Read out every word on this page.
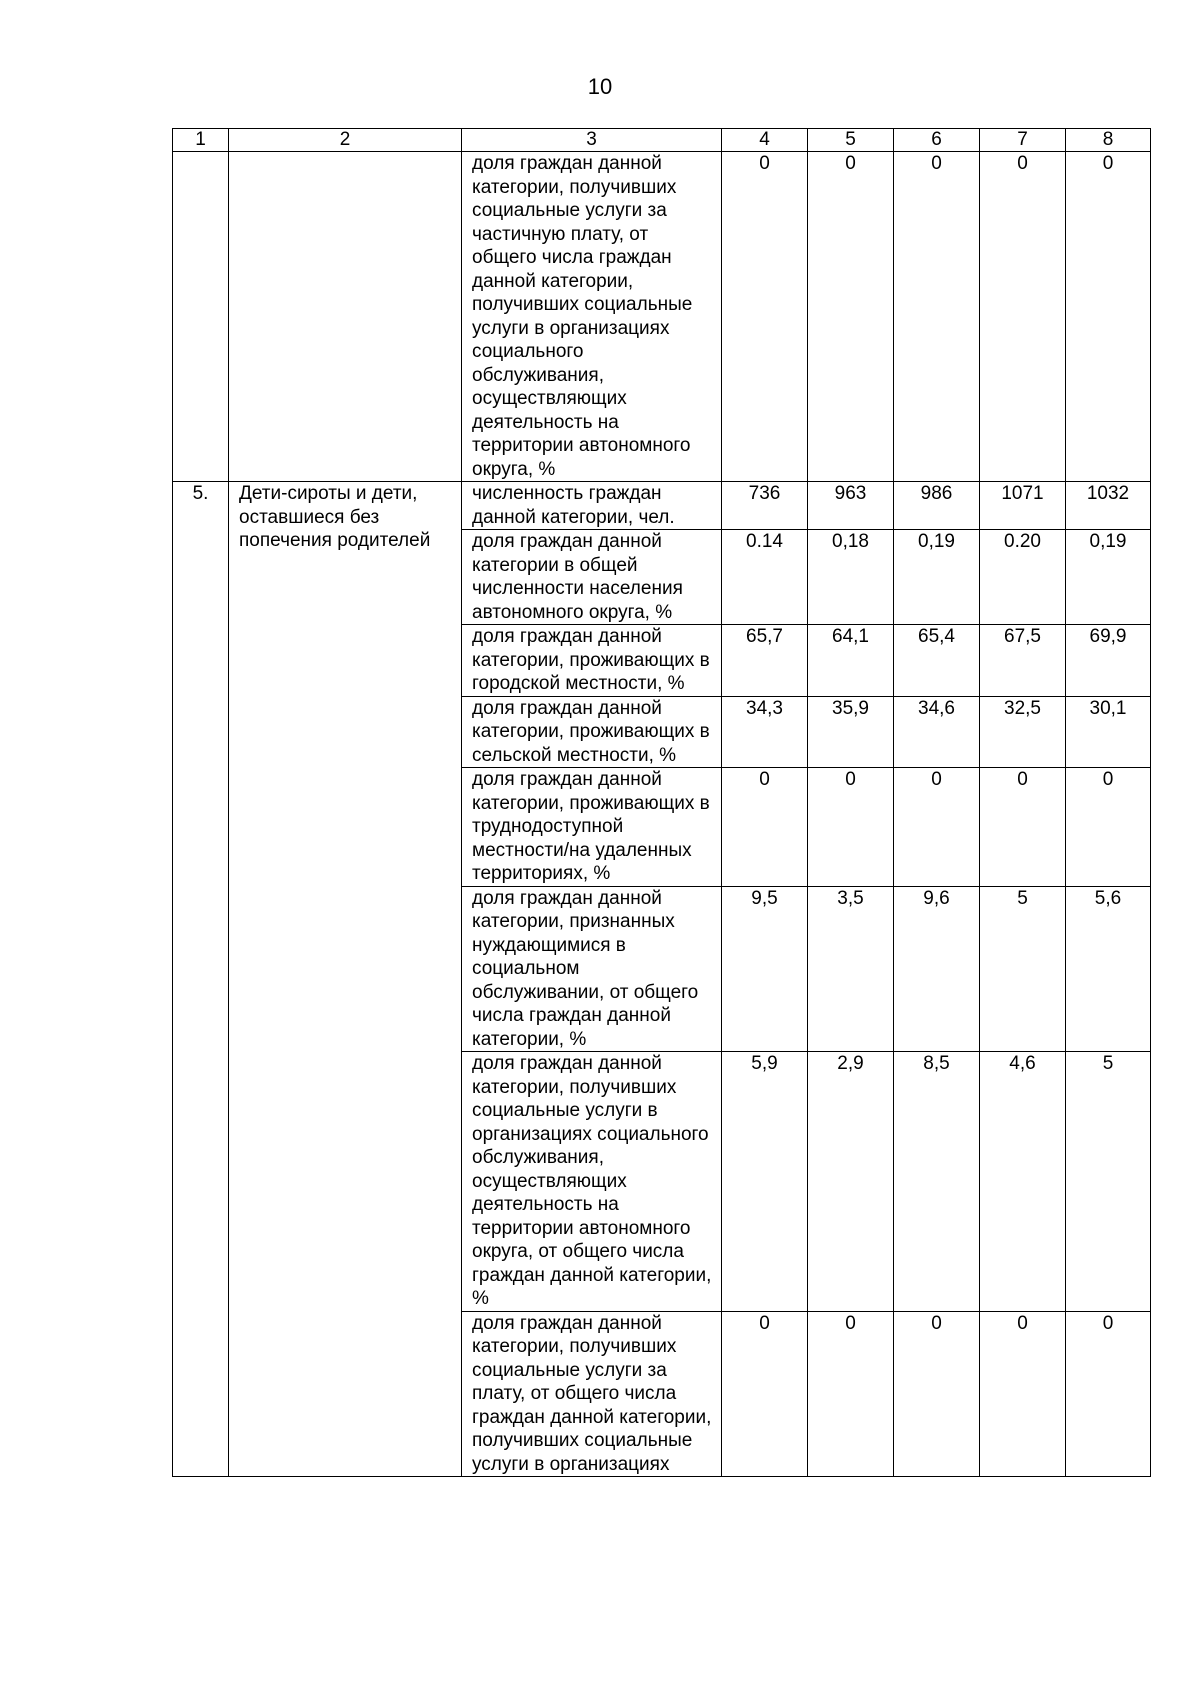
10
1	2	3	4	5	6	7	8
		доля граждан данной категории, получивших социальные услуги за частичную плату, от общего числа граждан данной категории, получивших социальные услуги в организациях социального обслуживания, осуществляющих деятельность на территории автономного округа, %	0	0	0	0	0
5.	Дети-сироты и дети, оставшиеся без попечения родителей	численность граждан данной категории, чел.	736	963	986	1071	1032
		доля граждан данной категории в общей численности населения автономного округа, %	0.14	0,18	0,19	0.20	0,19
		доля граждан данной категории, проживающих в городской местности, %	65,7	64,1	65,4	67,5	69,9
		доля граждан данной категории, проживающих в сельской местности, %	34,3	35,9	34,6	32,5	30,1
		доля граждан данной категории, проживающих в труднодоступной местности/на удаленных территориях, %	0	0	0	0	0
		доля граждан данной категории, признанных нуждающимися в социальном обслуживании, от общего числа граждан данной категории, %	9,5	3,5	9,6	5	5,6
		доля граждан данной категории, получивших социальные услуги в организациях социального обслуживания, осуществляющих деятельность на территории автономного округа, от общего числа граждан данной категории, %	5,9	2,9	8,5	4,6	5
		доля граждан данной категории, получивших социальные услуги за плату, от общего числа граждан данной категории, получивших социальные услуги в организациях	0	0	0	0	0
